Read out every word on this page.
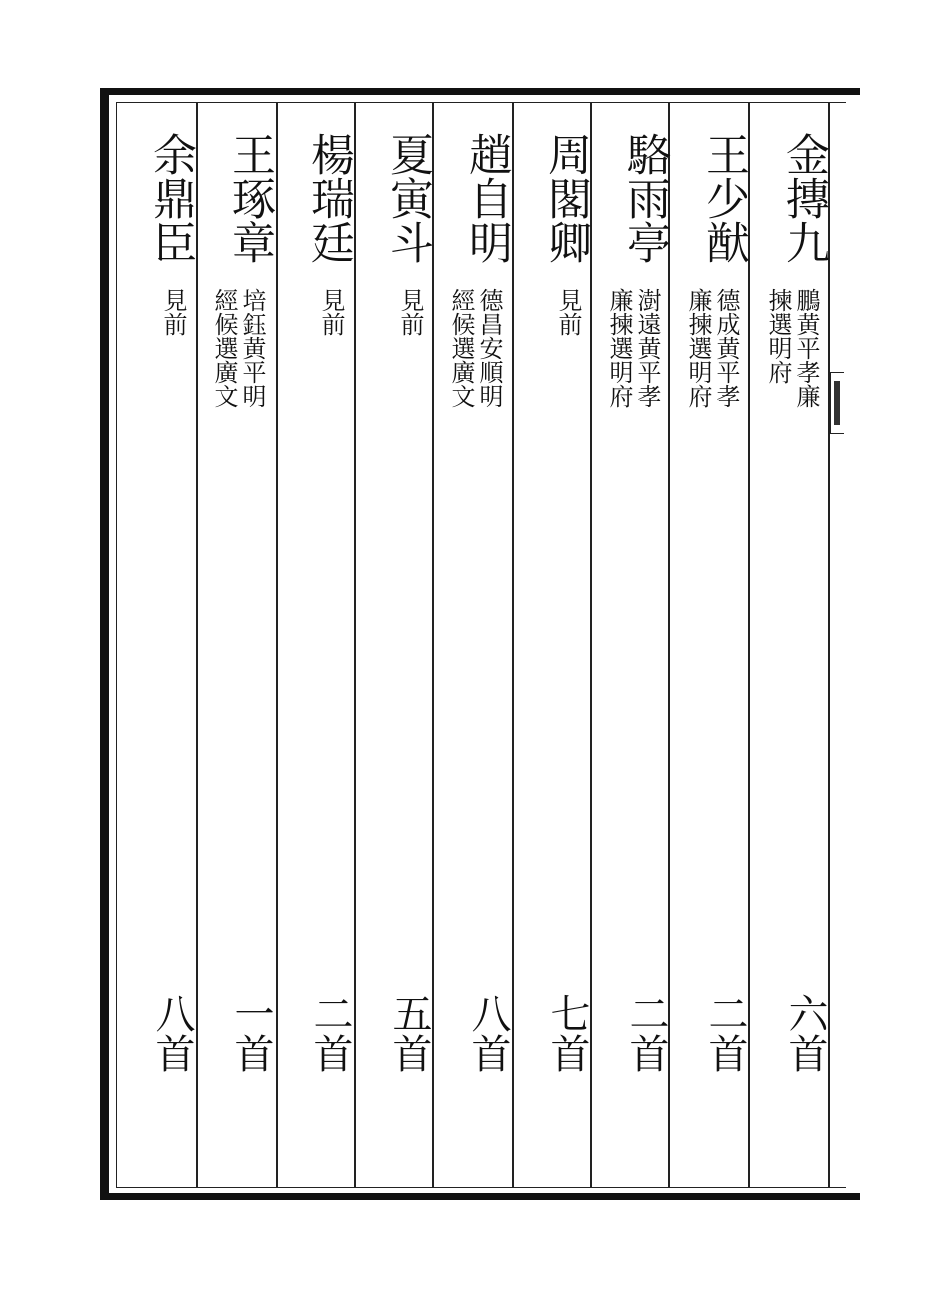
金摶九
鵬黄平孝廉
揀選明府
六首
王少猷
德成黄平孝
廉揀選明府
二首
駱雨亭
澍遠黄平孝
廉揀選明府
二首
周閣卿
見前
七首
趙自明
德昌安順明
經候選廣文
八首
夏寅斗
見前
五首
楊瑞廷
見前
二首
王琢章
培鈺黄平明
經候選廣文
一首
余鼎臣
見前
八首
